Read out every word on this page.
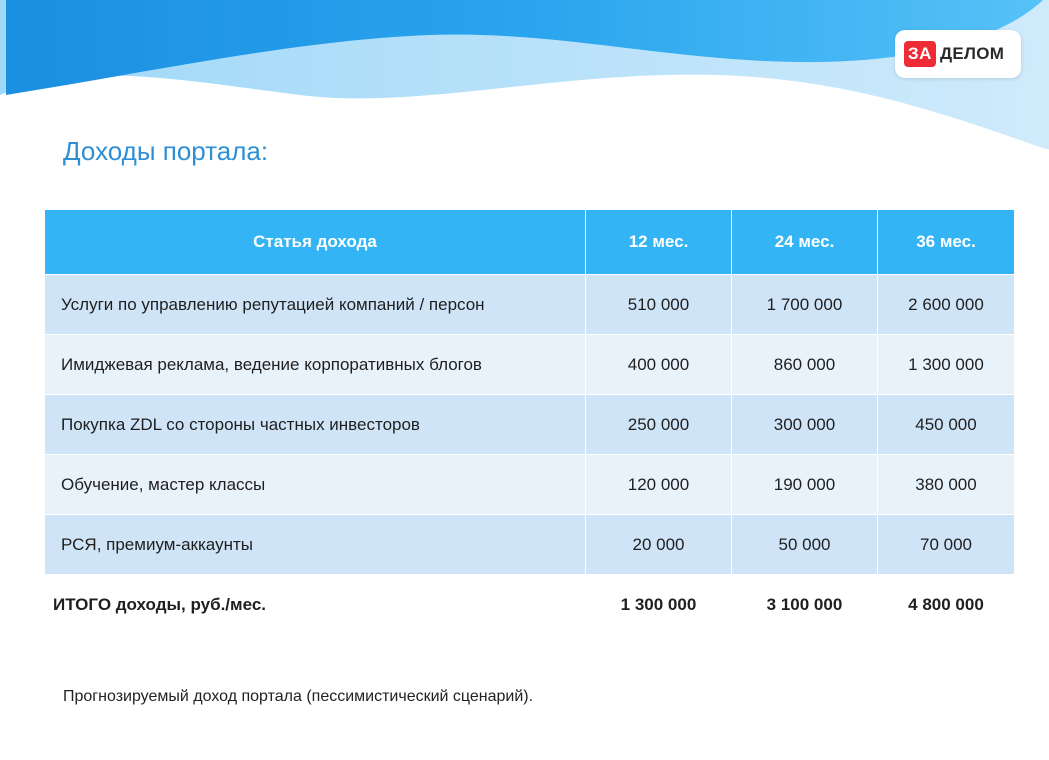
ЗА ДЕЛОМ
Доходы портала:
Статья дохода	12 мес.	24 мес.	36 мес.
Услуги по управлению репутацией компаний / персон	510 000	1 700 000	2 600 000
Имиджевая реклама, ведение корпоративных блогов	400 000	860 000	1 300 000
Покупка ZDL со стороны частных инвесторов	250 000	300 000	450 000
Обучение, мастер классы	120 000	190 000	380 000
РСЯ, премиум-аккаунты	20 000	50 000	70 000
ИТОГО доходы, руб./мес.	1 300 000	3 100 000	4 800 000

Прогнозируемый доход портала (пессимистический сценарий).
